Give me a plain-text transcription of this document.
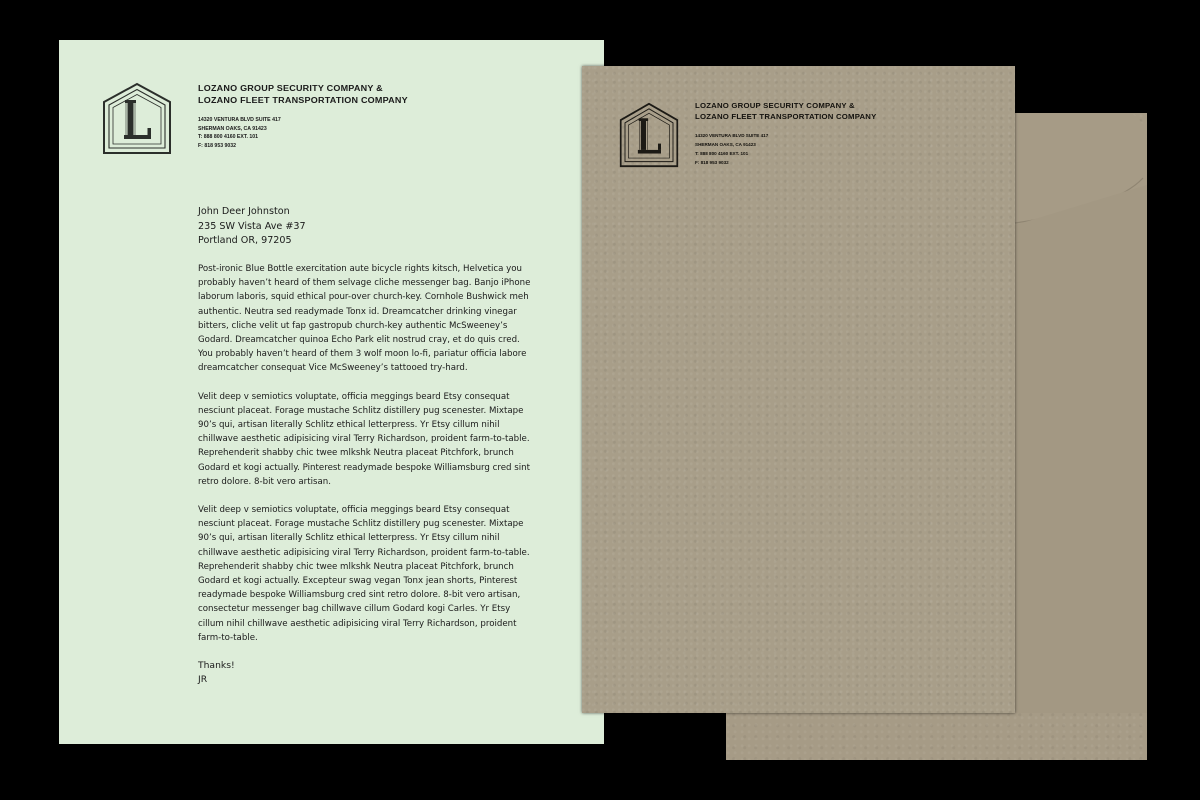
LOZANO GROUP SECURITY COMPANY &
LOZANO FLEET TRANSPORTATION COMPANY
14320 VENTURA BLVD SUITE 417
SHERMAN OAKS, CA 91423
T: 888 800 4160 EXT. 101
F: 818 953 9032
John Deer Johnston
235 SW Vista Ave #37
Portland OR, 97205

Post-ironic Blue Bottle exercitation aute bicycle rights kitsch, Helvetica you probably haven’t heard of them selvage cliche messenger bag. Banjo iPhone laborum laboris, squid ethical pour-over church-key. Cornhole Bushwick meh authentic. Neutra sed readymade Tonx id. Dreamcatcher drinking vinegar bitters, cliche velit ut fap gastropub church-key authentic McSweeney’s Godard. Dreamcatcher quinoa Echo Park elit nostrud cray, et do quis cred. You probably haven’t heard of them 3 wolf moon lo-fi, pariatur officia labore dreamcatcher consequat Vice McSweeney’s tattooed try-hard.

Velit deep v semiotics voluptate, officia meggings beard Etsy consequat nesciunt placeat. Forage mustache Schlitz distillery pug scenester. Mixtape 90’s qui, artisan literally Schlitz ethical letterpress. Yr Etsy cillum nihil chillwave aesthetic adipisicing viral Terry Richardson, proident farm-to-table. Reprehenderit shabby chic twee mlkshk Neutra placeat Pitchfork, brunch Godard et kogi actually. Pinterest readymade bespoke Williamsburg cred sint retro dolore. 8-bit vero artisan.

Velit deep v semiotics voluptate, officia meggings beard Etsy consequat nesciunt placeat. Forage mustache Schlitz distillery pug scenester. Mixtape 90’s qui, artisan literally Schlitz ethical letterpress. Yr Etsy cillum nihil chillwave aesthetic adipisicing viral Terry Richardson, proident farm-to-table. Reprehenderit shabby chic twee mlkshk Neutra placeat Pitchfork, brunch Godard et kogi actually. Excepteur swag vegan Tonx jean shorts, Pinterest readymade bespoke Williamsburg cred sint retro dolore. 8-bit vero artisan, consectetur messenger bag chillwave cillum Godard kogi Carles. Yr Etsy cillum nihil chillwave aesthetic adipisicing viral Terry Richardson, proident farm-to-table.

Thanks!
JR
LOZANO GROUP SECURITY COMPANY &
LOZANO FLEET TRANSPORTATION COMPANY
14320 VENTURA BLVD SUITE 417
SHERMAN OAKS, CA 91423
T: 888 800 4160 EXT. 101
F: 818 953 9032
